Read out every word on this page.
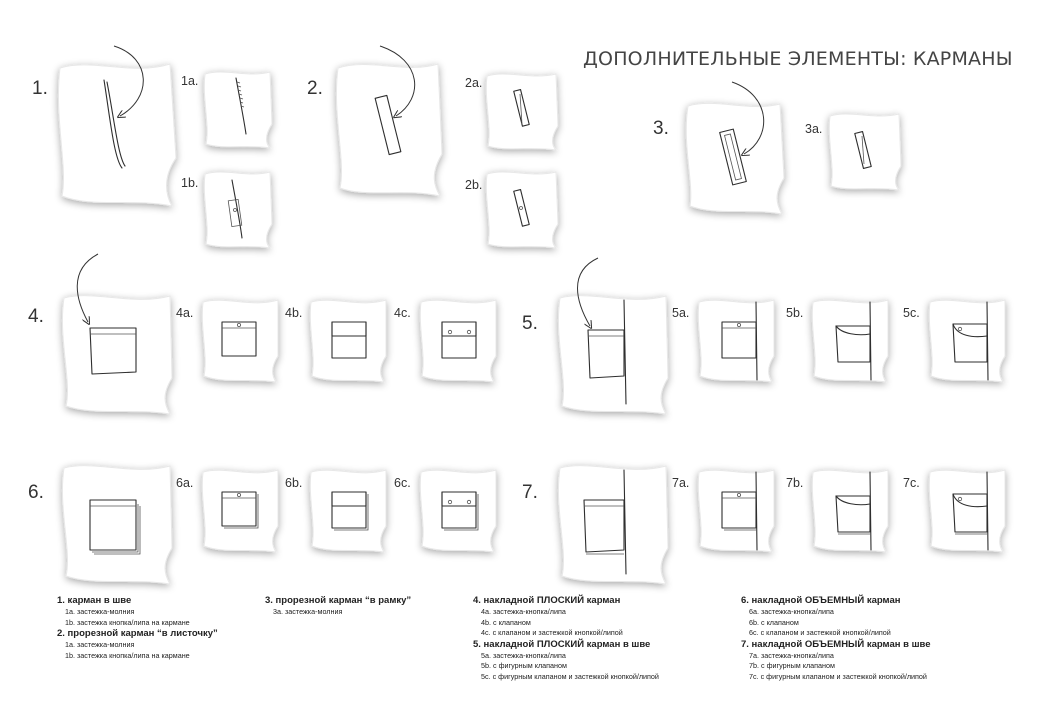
ДОПОЛНИТЕЛЬНЫЕ ЭЛЕМЕНТЫ: КАРМАНЫ
1.	1a.
1b.
2.	2a.
2b.
3.	3a.
4.	4a.	4b.	4c.	5.	5a.	5b.	5c.
6.	6a.	6b.	6c.	7.	7a.	7b.	7c.
1. карман в шве
1a. застежка-молния
1b. застежка кнопка/липа на кармане
2. прорезной карман “в листочку”
1a. застежка-молния
1b. застежка кнопка/липа на кармане
3. прорезной карман “в рамку”
3a. застежка-молния
4. накладной ПЛОСКИЙ карман
4a. застежка-кнопка/липа
4b. с клапаном
4c. с клапаном и застежкой кнопкой/липой
5. накладной ПЛОСКИЙ карман в шве
5a. застежка-кнопка/липа
5b. с фигурным клапаном
5c. с фигурным клапаном и застежкой кнопкой/липой
6. накладной ОБЪЕМНЫЙ карман
6a. застежка-кнопка/липа
6b. с клапаном
6c. с клапаном и застежкой кнопкой/липой
7. накладной ОБЪЕМНЫЙ карман в шве
7a. застежка-кнопка/липа
7b. с фигурным клапаном
7c. с фигурным клапаном и застежкой кнопкой/липой
